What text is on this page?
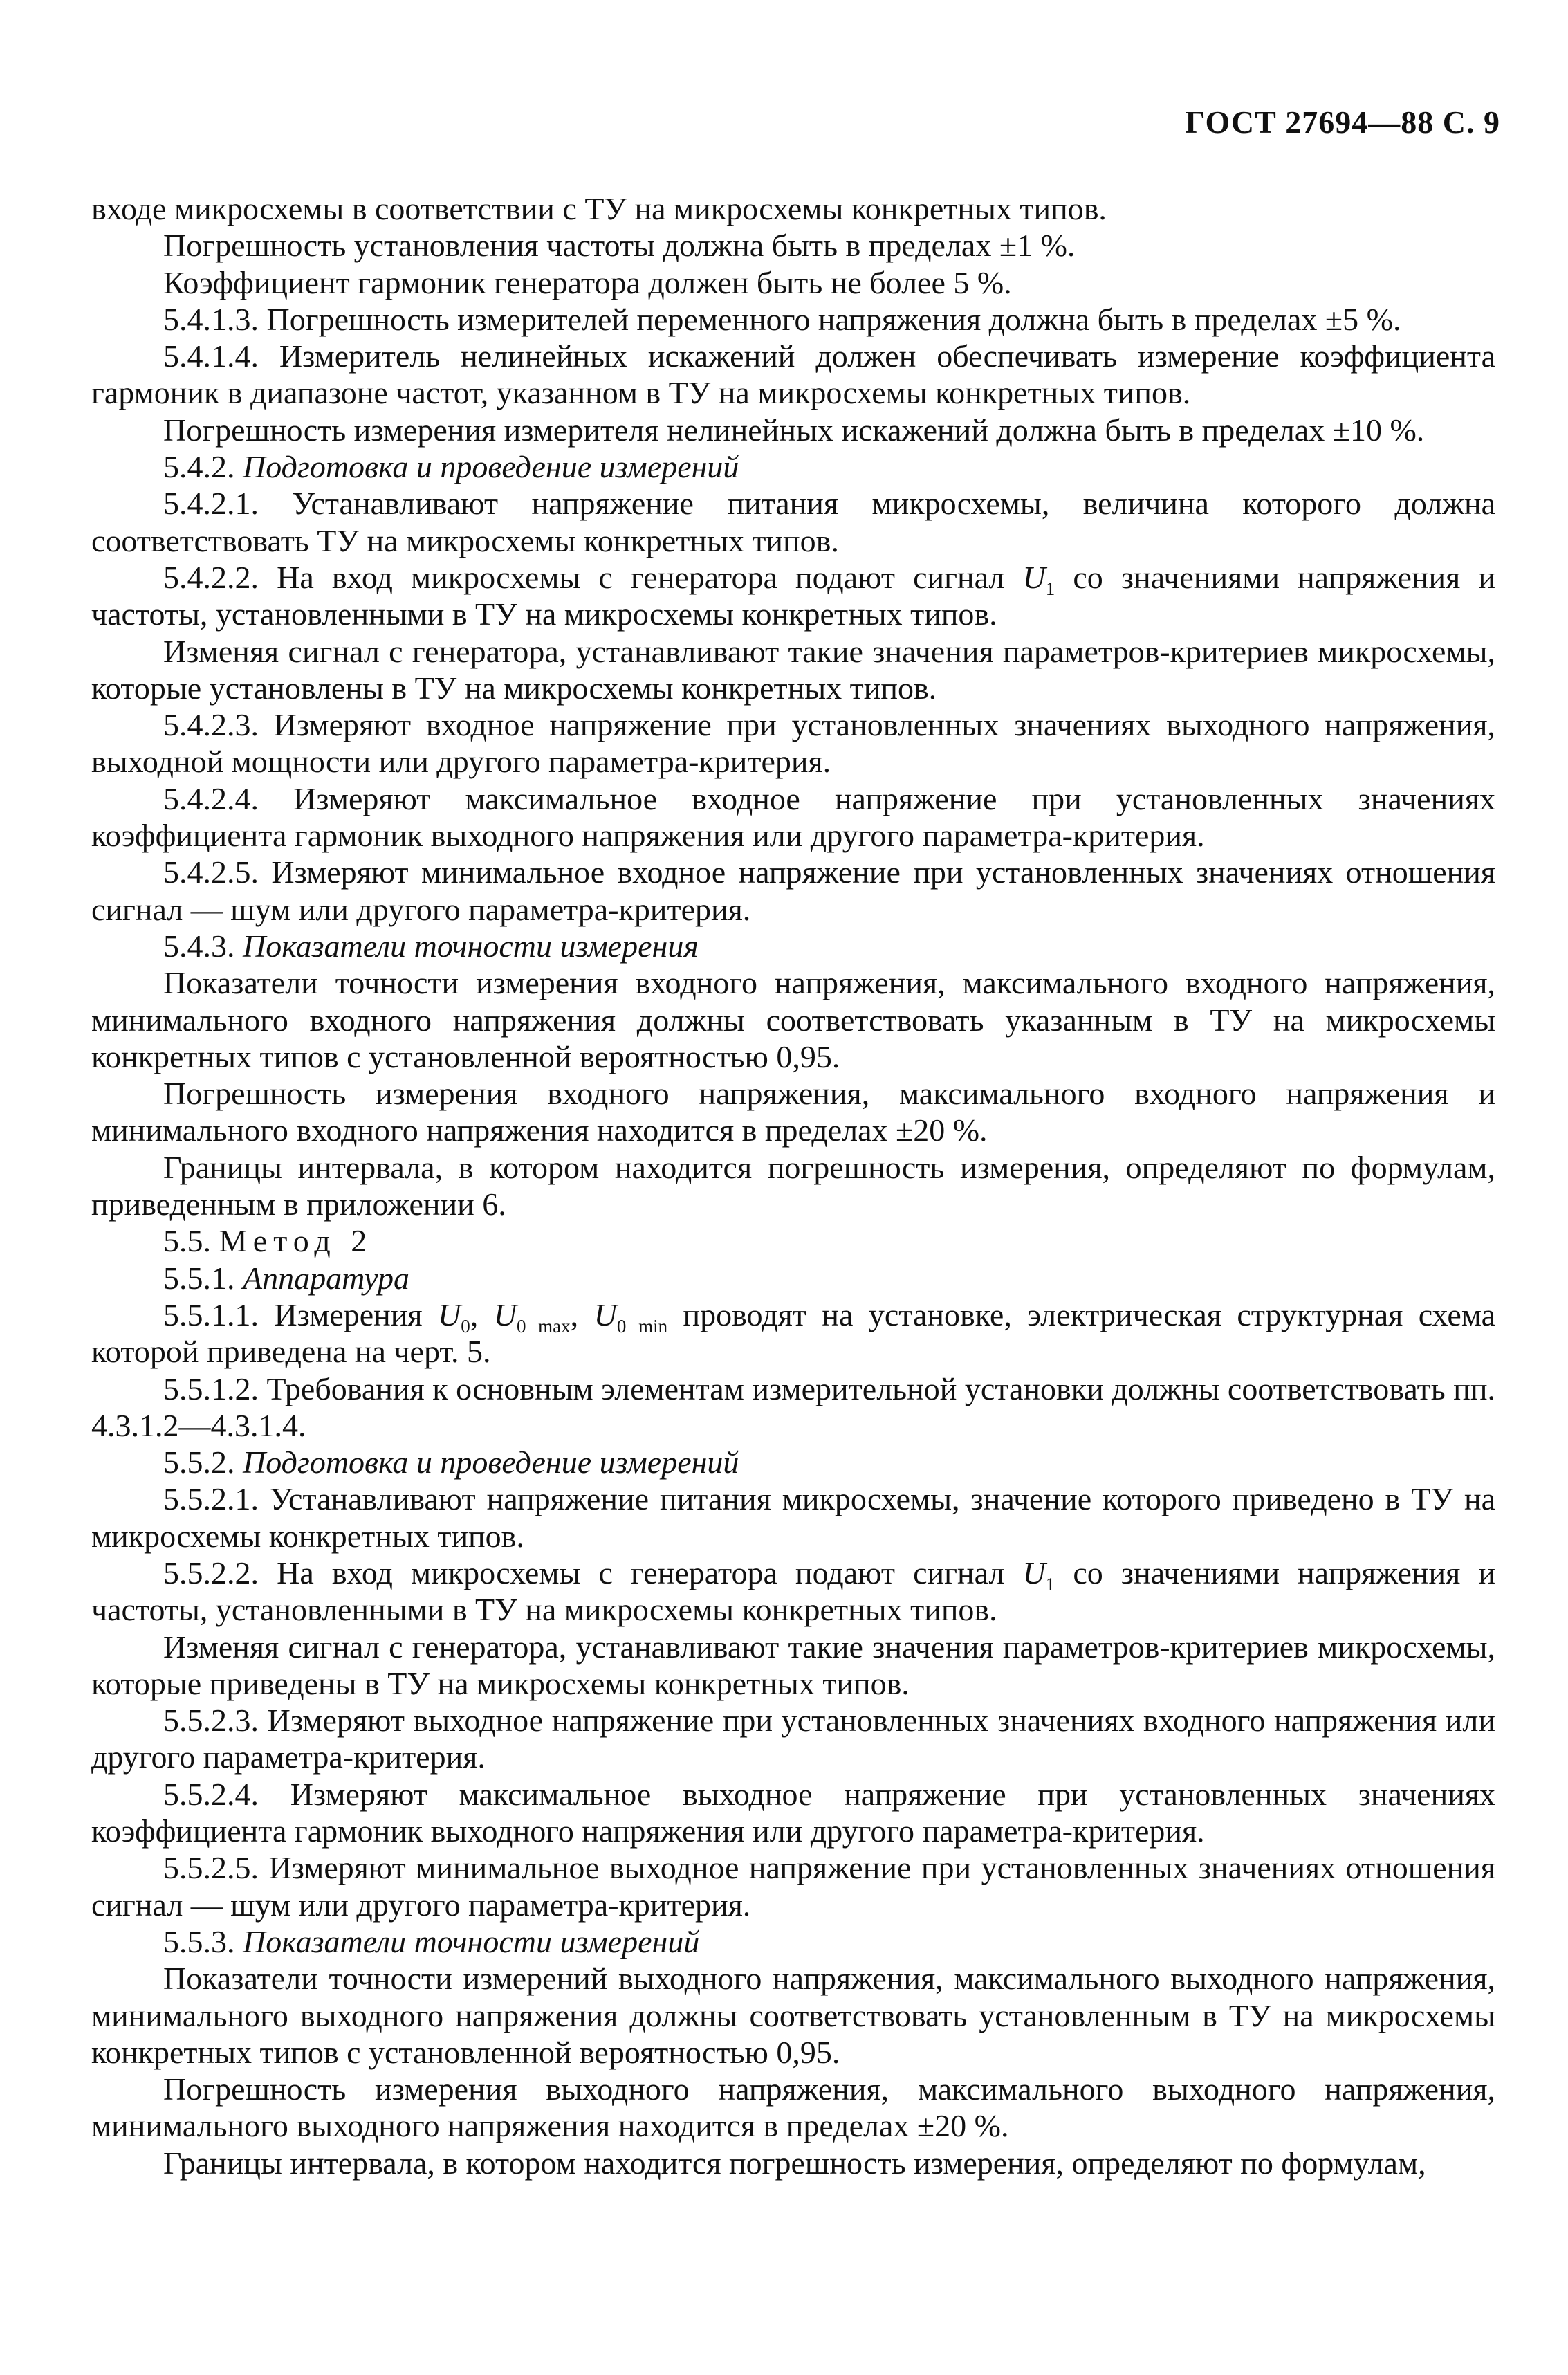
ГОСТ 27694—88 С. 9

входе микросхемы в соответствии с ТУ на микросхемы конкретных типов.

Погрешность установления частоты должна быть в пределах ±1 %.

Коэффициент гармоник генератора должен быть не более 5 %.

5.4.1.3. Погрешность измерителей переменного напряжения должна быть в пределах ±5 %.

5.4.1.4. Измеритель нелинейных искажений должен обеспечивать измерение коэффициента гармоник в диапазоне частот, указанном в ТУ на микросхемы конкретных типов.

Погрешность измерения измерителя нелинейных искажений должна быть в пределах ±10 %.

5.4.2. Подготовка и проведение измерений

5.4.2.1. Устанавливают напряжение питания микросхемы, величина которого должна соответствовать ТУ на микросхемы конкретных типов.

5.4.2.2. На вход микросхемы с генератора подают сигнал $U_1$ со значениями напряжения и частоты, установленными в ТУ на микросхемы конкретных типов.

Изменяя сигнал с генератора, устанавливают такие значения параметров-критериев микросхемы, которые установлены в ТУ на микросхемы конкретных типов.

5.4.2.3. Измеряют входное напряжение при установленных значениях выходного напряжения, выходной мощности или другого параметра-критерия.

5.4.2.4. Измеряют максимальное входное напряжение при установленных значениях коэффициента гармоник выходного напряжения или другого параметра-критерия.

5.4.2.5. Измеряют минимальное входное напряжение при установленных значениях отношения сигнал — шум или другого параметра-критерия.

5.4.3. Показатели точности измерения

Показатели точности измерения входного напряжения, максимального входного напряжения, минимального входного напряжения должны соответствовать указанным в ТУ на микросхемы конкретных типов с установленной вероятностью 0,95.

Погрешность измерения входного напряжения, максимального входного напряжения и минимального входного напряжения находится в пределах ±20 %.

Границы интервала, в котором находится погрешность измерения, определяют по формулам, приведенным в приложении 6.

5.5. Метод 2

5.5.1. Аппаратура

5.5.1.1. Измерения $U_0$, $U_{0 max}$, $U_{0 min}$ проводят на установке, электрическая структурная схема которой приведена на черт. 5.

5.5.1.2. Требования к основным элементам измерительной установки должны соответствовать пп. 4.3.1.2—4.3.1.4.

5.5.2. Подготовка и проведение измерений

5.5.2.1. Устанавливают напряжение питания микросхемы, значение которого приведено в ТУ на микросхемы конкретных типов.

5.5.2.2. На вход микросхемы с генератора подают сигнал $U_1$ со значениями напряжения и частоты, установленными в ТУ на микросхемы конкретных типов.

Изменяя сигнал с генератора, устанавливают такие значения параметров-критериев микросхемы, которые приведены в ТУ на микросхемы конкретных типов.

5.5.2.3. Измеряют выходное напряжение при установленных значениях входного напряжения или другого параметра-критерия.

5.5.2.4. Измеряют максимальное выходное напряжение при установленных значениях коэффициента гармоник выходного напряжения или другого параметра-критерия.

5.5.2.5. Измеряют минимальное выходное напряжение при установленных значениях отношения сигнал — шум или другого параметра-критерия.

5.5.3. Показатели точности измерений

Показатели точности измерений выходного напряжения, максимального выходного напряжения, минимального выходного напряжения должны соответствовать установленным в ТУ на микросхемы конкретных типов с установленной вероятностью 0,95.

Погрешность измерения выходного напряжения, максимального выходного напряжения, минимального выходного напряжения находится в пределах ±20 %.

Границы интервала, в котором находится погрешность измерения, определяют по формулам,
